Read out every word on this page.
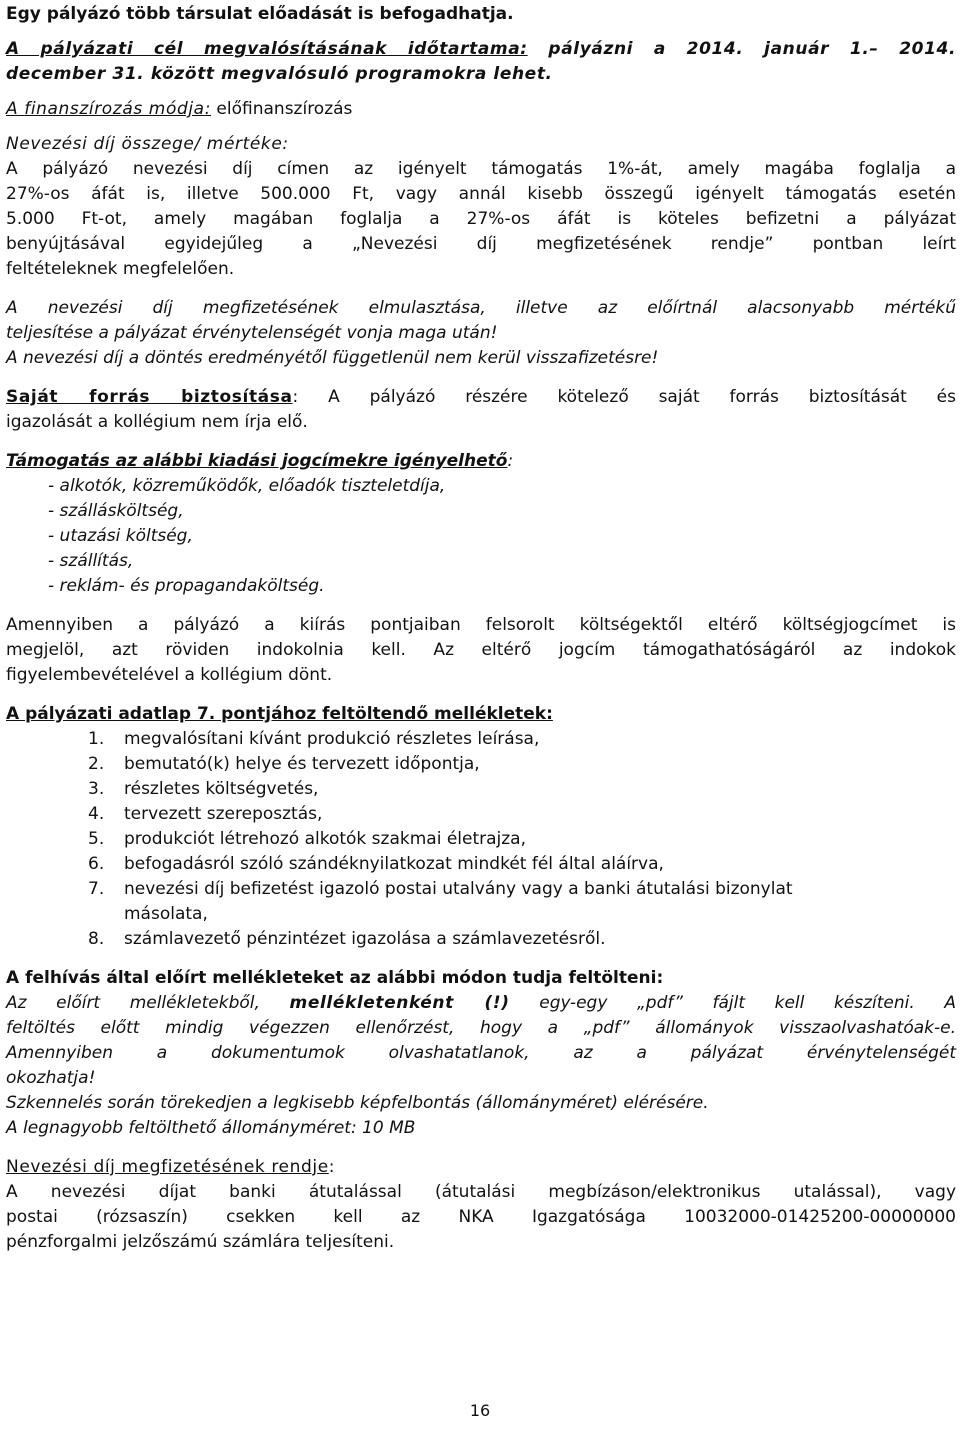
Egy pályázó több társulat előadását is befogadhatja.
A pályázati cél megvalósításának időtartama: pályázni a 2014. január 1.– 2014.
december 31. között megvalósuló programokra lehet.
A finanszírozás módja: előfinanszírozás
Nevezési díj összege/ mértéke:
A pályázó nevezési díj címen az igényelt támogatás 1%-át, amely magába foglalja a
27%-os áfát is, illetve 500.000 Ft, vagy annál kisebb összegű igényelt támogatás esetén
5.000 Ft-ot, amely magában foglalja a 27%-os áfát is köteles befizetni a pályázat
benyújtásával egyidejűleg a „Nevezési díj megfizetésének rendje” pontban leírt
feltételeknek megfelelően.
A nevezési díj megfizetésének elmulasztása, illetve az előírtnál alacsonyabb mértékű
teljesítése a pályázat érvénytelenségét vonja maga után!
A nevezési díj a döntés eredményétől függetlenül nem kerül visszafizetésre!
Saját forrás biztosítása: A pályázó részére kötelező saját forrás biztosítását és
igazolását a kollégium nem írja elő.
Támogatás az alábbi kiadási jogcímekre igényelhető:
- alkotók, közreműködők, előadók tiszteletdíja,
- szállásköltség,
- utazási költség,
- szállítás,
- reklám- és propagandaköltség.
Amennyiben a pályázó a kiírás pontjaiban felsorolt költségektől eltérő költségjogcímet is
megjelöl, azt röviden indokolnia kell. Az eltérő jogcím támogathatóságáról az indokok
figyelembevételével a kollégium dönt.
A pályázati adatlap 7. pontjához feltöltendő mellékletek:
1. megvalósítani kívánt produkció részletes leírása,
2. bemutató(k) helye és tervezett időpontja,
3. részletes költségvetés,
4. tervezett szereposztás,
5. produkciót létrehozó alkotók szakmai életrajza,
6. befogadásról szóló szándéknyilatkozat mindkét fél által aláírva,
7. nevezési díj befizetést igazoló postai utalvány vagy a banki átutalási bizonylat
másolata,
8. számlavezető pénzintézet igazolása a számlavezetésről.
A felhívás által előírt mellékleteket az alábbi módon tudja feltölteni:
Az előírt mellékletekből, mellékletenként (!) egy-egy „pdf” fájlt kell készíteni. A
feltöltés előtt mindig végezzen ellenőrzést, hogy a „pdf” állományok visszaolvashatóak-e.
Amennyiben a dokumentumok olvashatatlanok, az a pályázat érvénytelenségét
okozhatja!
Szkennelés során törekedjen a legkisebb képfelbontás (állományméret) elérésére.
A legnagyobb feltölthető állományméret: 10 MB
Nevezési díj megfizetésének rendje:
A nevezési díjat banki átutalással (átutalási megbízáson/elektronikus utalással), vagy
postai (rózsaszín) csekken kell az NKA Igazgatósága 10032000-01425200-00000000
pénzforgalmi jelzőszámú számlára teljesíteni.
16
